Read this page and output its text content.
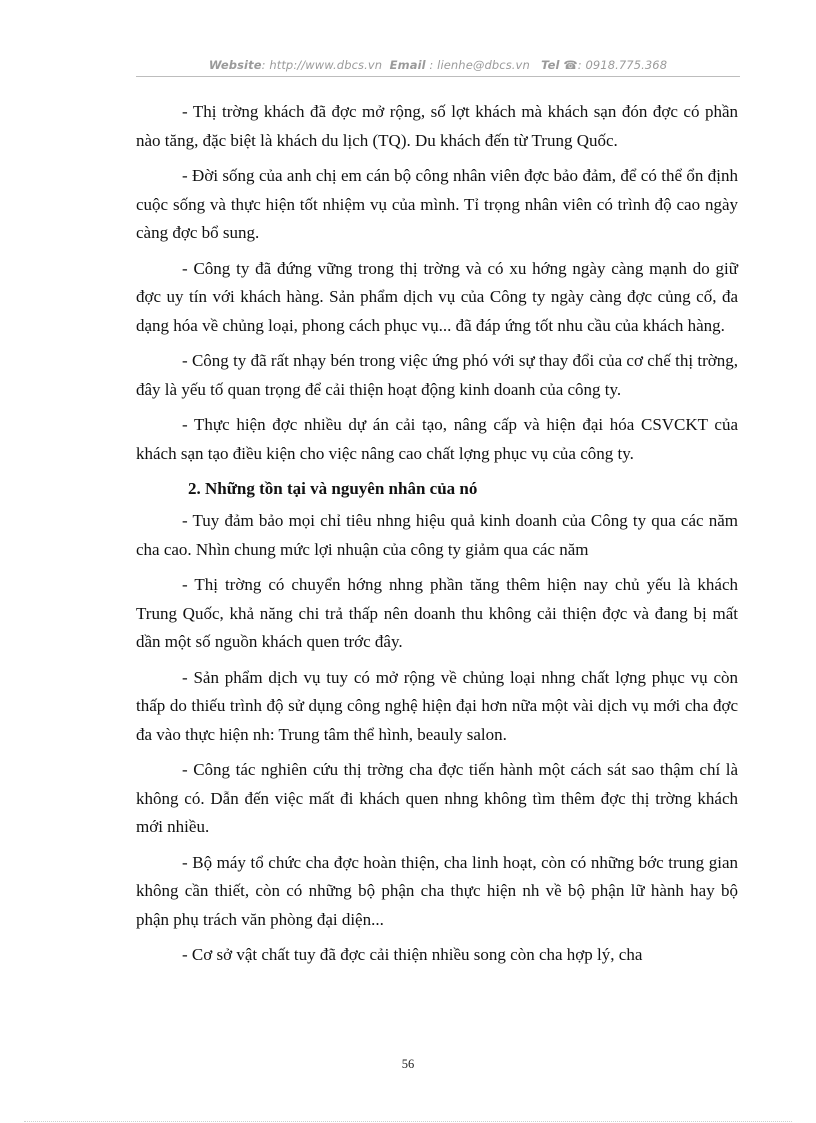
Website: http://www.dbcs.vn Email : lienhe@dbcs.vn Tel ☎: 0918.775.368

- Thị trờng khách đã đợc mở rộng, số lợt khách mà khách sạn đón đợc có phần nào tăng, đặc biệt là khách du lịch (TQ). Du khách đến từ Trung Quốc.

- Đời sống của anh chị em cán bộ công nhân viên đợc bảo đảm, để có thể ổn định cuộc sống và thực hiện tốt nhiệm vụ của mình. Tỉ trọng nhân viên có trình độ cao ngày càng đợc bổ sung.

- Công ty đã đứng vững trong thị trờng và có xu hớng ngày càng mạnh do giữ đợc uy tín với khách hàng. Sản phẩm dịch vụ của Công ty ngày càng đợc củng cố, đa dạng hóa về chủng loại, phong cách phục vụ... đã đáp ứng tốt nhu cầu của khách hàng.

- Công ty đã rất nhạy bén trong việc ứng phó với sự thay đổi của cơ chế thị trờng, đây là yếu tố quan trọng để cải thiện hoạt động kinh doanh của công ty.

- Thực hiện đợc nhiều dự án cải tạo, nâng cấp và hiện đại hóa CSVCKT của khách sạn tạo điều kiện cho việc nâng cao chất lợng phục vụ của công ty.

2. Những tồn tại và nguyên nhân của nó

- Tuy đảm bảo mọi chỉ tiêu nhng hiệu quả kinh doanh của Công ty qua các năm cha cao. Nhìn chung mức lợi nhuận của công ty giảm qua các năm

- Thị trờng có chuyển hớng nhng phần tăng thêm hiện nay chủ yếu là khách Trung Quốc, khả năng chi trả thấp nên doanh thu không cải thiện đợc và đang bị mất dần một số nguồn khách quen trớc đây.

- Sản phẩm dịch vụ tuy có mở rộng về chủng loại nhng chất lợng phục vụ còn thấp do thiếu trình độ sử dụng công nghệ hiện đại hơn nữa một vài dịch vụ mới cha đợc đa vào thực hiện nh: Trung tâm thể hình, beauly salon.

- Công tác nghiên cứu thị trờng cha đợc tiến hành một cách sát sao thậm chí là không có. Dẫn đến việc mất đi khách quen nhng không tìm thêm đợc thị trờng khách mới nhiều.

- Bộ máy tổ chức cha đợc hoàn thiện, cha linh hoạt, còn có những bớc trung gian không cần thiết, còn có những bộ phận cha thực hiện nh về bộ phận lữ hành hay bộ phận phụ trách văn phòng đại diện...

- Cơ sở vật chất tuy đã đợc cải thiện nhiều song còn cha hợp lý, cha

56
